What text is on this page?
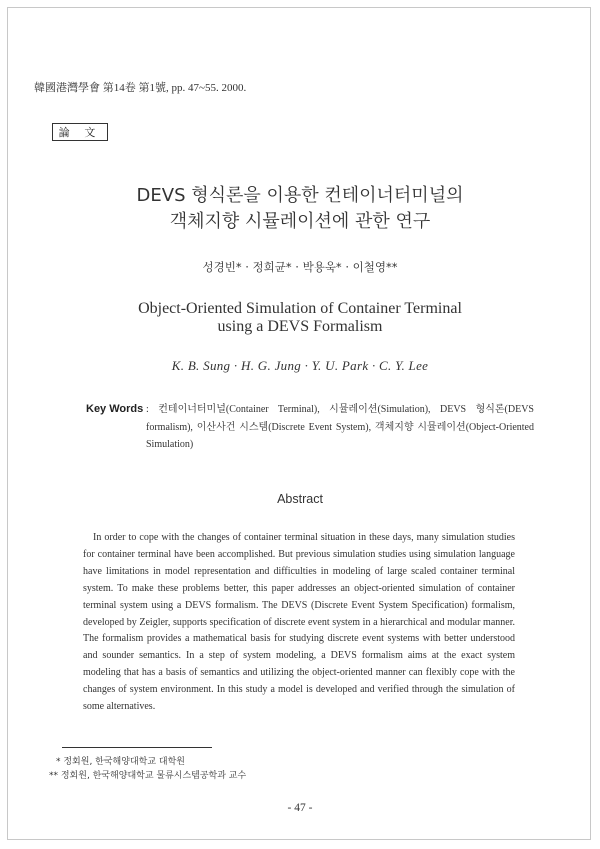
韓國港灣學會 第14卷 第1號, pp. 47~55. 2000.
論 文
DEVS 형식론을 이용한 컨테이너터미널의
객체지향 시뮬레이션에 관한 연구
성경빈* · 정희균* · 박용욱* · 이철영**
Object-Oriented Simulation of Container Terminal
using a DEVS Formalism
K. B. Sung · H. G. Jung · Y. U. Park · C. Y. Lee
Key Words : 컨테이너터미널(Container Terminal), 시뮬레이션(Simulation), DEVS 형식론(DEVS formalism), 이산사건 시스템(Discrete Event System), 객체지향 시뮬레이션(Object-Oriented Simulation)
Abstract
In order to cope with the changes of container terminal situation in these days, many simulation studies for container terminal have been accomplished. But previous simulation studies using simulation language have limitations in model representation and difficulties in modeling of large scaled container terminal system. To make these problems better, this paper addresses an object-oriented simulation of container terminal system using a DEVS formalism. The DEVS (Discrete Event System Specification) formalism, developed by Zeigler, supports specification of discrete event system in a hierarchical and modular manner. The formalism provides a mathematical basis for studying discrete event systems with better understood and sounder semantics. In a step of system modeling, a DEVS formalism aims at the exact system modeling that has a basis of semantics and utilizing the object-oriented manner can flexibly cope with the changes of system environment. In this study a model is developed and verified through the simulation of some alternatives.
* 정회원, 한국해양대학교 대학원
** 정회원, 한국해양대학교 물류시스템공학과 교수
- 47 -
